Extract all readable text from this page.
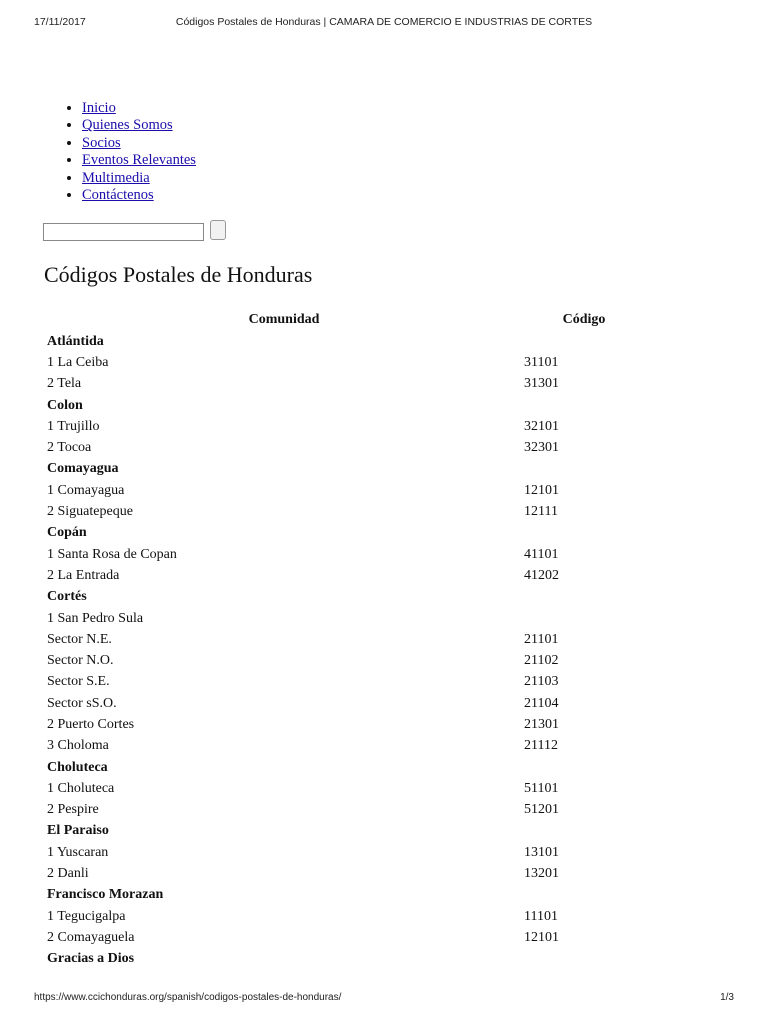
17/11/2017	Códigos Postales de Honduras | CAMARA DE COMERCIO E INDUSTRIAS DE CORTES
• Inicio
• Quienes Somos
• Socios
• Eventos Relevantes
• Multimedia
• Contáctenos
Códigos Postales de Honduras
Comunidad	Código
Atlántida	
1 La Ceiba	31101
2 Tela	31301
Colon	
1 Trujillo	32101
2 Tocoa	32301
Comayagua	
1 Comayagua	12101
2 Siguatepeque	12111
Copán	
1 Santa Rosa de Copan	41101
2 La Entrada	41202
Cortés	
1 San Pedro Sula	
Sector N.E.	21101
Sector N.O.	21102
Sector S.E.	21103
Sector sS.O.	21104
2 Puerto Cortes	21301
3 Choloma	21112
Choluteca	
1 Choluteca	51101
2 Pespire	51201
El Paraiso	
1 Yuscaran	13101
2 Danli	13201
Francisco Morazan	
1 Tegucigalpa	11101
2 Comayaguela	12101
Gracias a Dios	
https://www.ccichonduras.org/spanish/codigos-postales-de-honduras/	1/3
